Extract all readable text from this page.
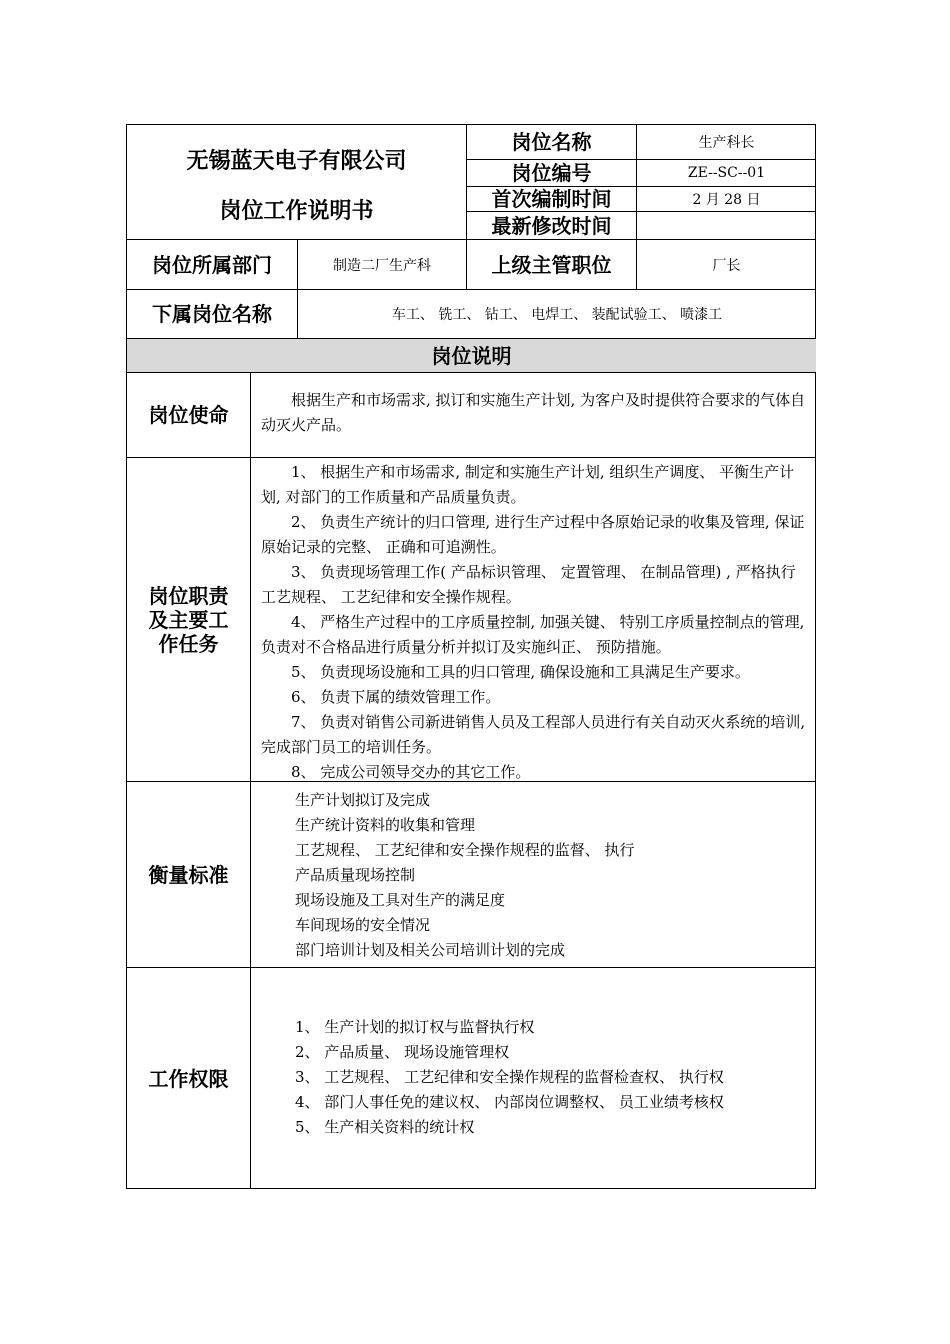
无锡蓝天电子有限公司
岗位工作说明书
岗位名称	生产科长
岗位编号	ZE--SC--01
首次编制时间	2 月 28 日
最新修改时间
岗位所属部门	制造二厂生产科	上级主管职位	厂长
下属岗位名称	车工、 铣工、 钻工、 电焊工、 装配试验工、 喷漆工
岗位说明
岗位使命

根据生产和市场需求, 拟订和实施生产计划, 为客户及时提供符合要求的气体自动灭火产品。

岗位职责
及主要工
作任务

1、 根据生产和市场需求, 制定和实施生产计划, 组织生产调度、 平衡生产计划, 对部门的工作质量和产品质量负责。

2、 负责生产统计的归口管理, 进行生产过程中各原始记录的收集及管理, 保证原始记录的完整、 正确和可追溯性。

3、 负责现场管理工作( 产品标识管理、 定置管理、 在制品管理) , 严格执行工艺规程、 工艺纪律和安全操作规程。

4、 严格生产过程中的工序质量控制, 加强关键、 特别工序质量控制点的管理, 负责对不合格品进行质量分析并拟订及实施纠正、 预防措施。

5、 负责现场设施和工具的归口管理, 确保设施和工具满足生产要求。

6、 负责下属的绩效管理工作。

7、 负责对销售公司新进销售人员及工程部人员进行有关自动灭火系统的培训, 完成部门员工的培训任务。

8、 完成公司领导交办的其它工作。

衡量标准

生产计划拟订及完成

生产统计资料的收集和管理

工艺规程、 工艺纪律和安全操作规程的监督、 执行

产品质量现场控制

现场设施及工具对生产的满足度

车间现场的安全情况

部门培训计划及相关公司培训计划的完成

工作权限

1、 生产计划的拟订权与监督执行权

2、 产品质量、 现场设施管理权

3、 工艺规程、 工艺纪律和安全操作规程的监督检查权、 执行权

4、 部门人事任免的建议权、 内部岗位调整权、 员工业绩考核权

5、 生产相关资料的统计权
